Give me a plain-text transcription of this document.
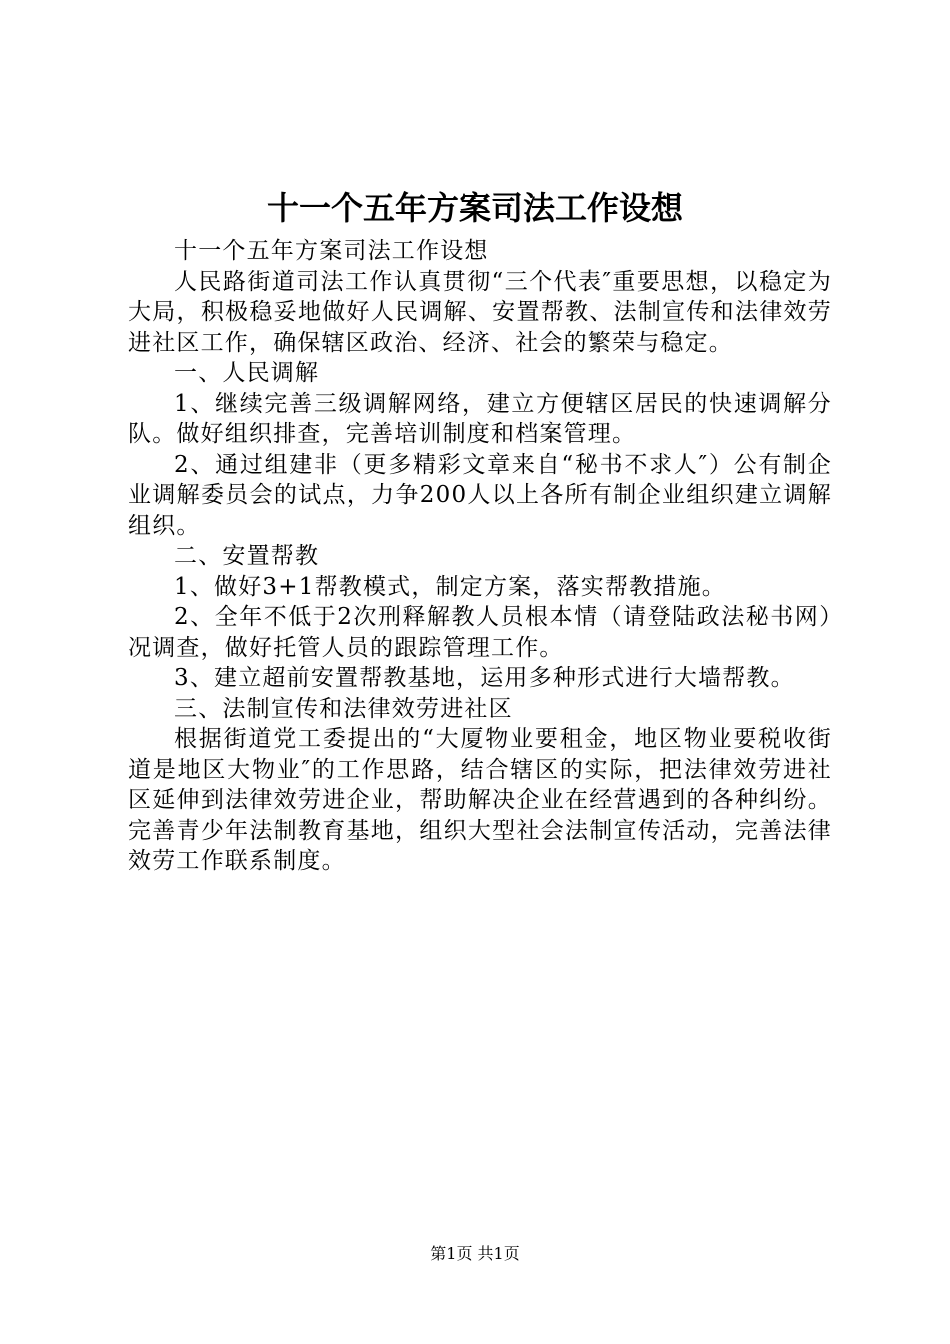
十一个五年方案司法工作设想

十一个五年方案司法工作设想

人民路街道司法工作认真贯彻“三个代表″重要思想，以稳定为大局，积极稳妥地做好人民调解、安置帮教、法制宣传和法律效劳进社区工作，确保辖区政治、经济、社会的繁荣与稳定。

一、人民调解

1、继续完善三级调解网络，建立方便辖区居民的快速调解分队。做好组织排查，完善培训制度和档案管理。

2、通过组建非（更多精彩文章来自“秘书不求人″）公有制企业调解委员会的试点，力争200人以上各所有制企业组织建立调解组织。

二、安置帮教

1、做好3+1帮教模式，制定方案，落实帮教措施。

2、全年不低于2次刑释解教人员根本情（请登陆政法秘书网）况调查，做好托管人员的跟踪管理工作。

3、建立超前安置帮教基地，运用多种形式进行大墙帮教。

三、法制宣传和法律效劳进社区

根据街道党工委提出的“大厦物业要租金，地区物业要税收街道是地区大物业″的工作思路，结合辖区的实际，把法律效劳进社区延伸到法律效劳进企业，帮助解决企业在经营遇到的各种纠纷。完善青少年法制教育基地，组织大型社会法制宣传活动，完善法律效劳工作联系制度。

第1页 共1页
